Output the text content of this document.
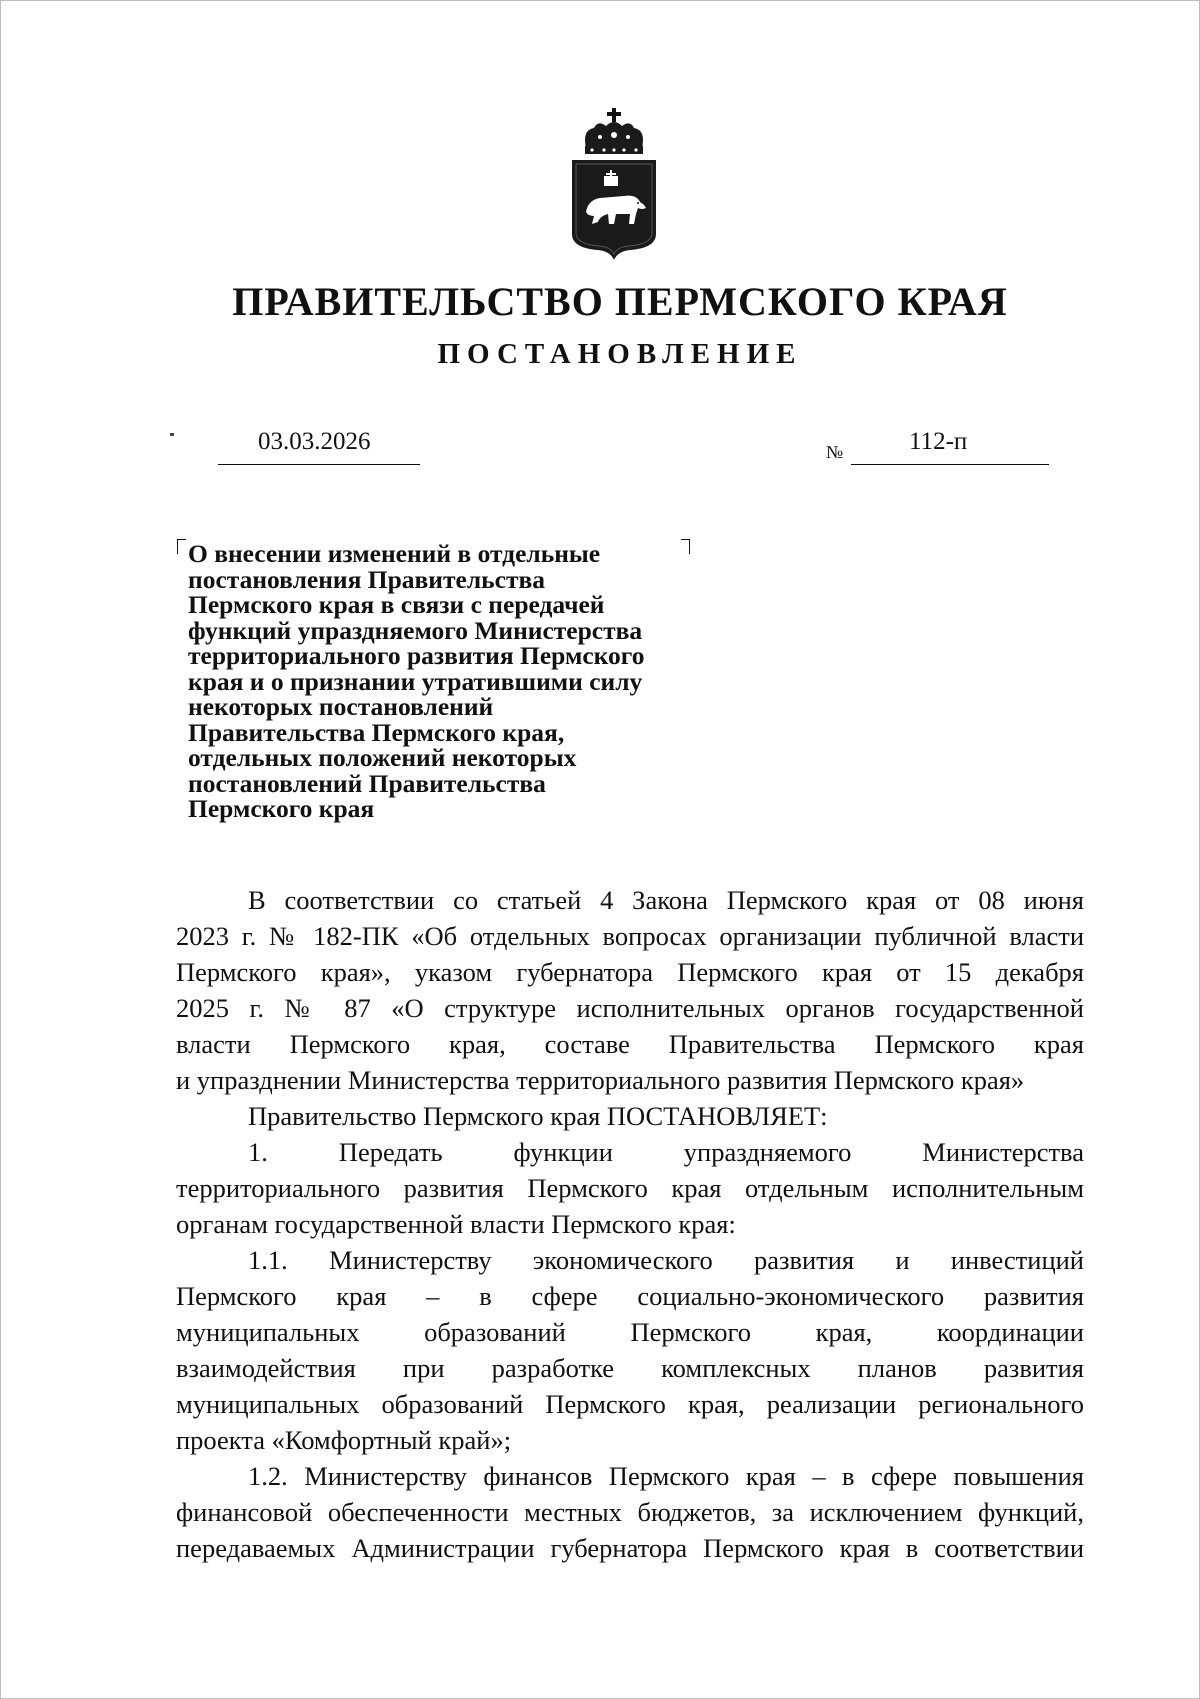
ПРАВИТЕЛЬСТВО ПЕРМСКОГО КРАЯ
ПОСТАНОВЛЕНИЕ
03.03.2026	№	112-п
О внесении изменений в отдельные
постановления Правительства
Пермского края в связи с передачей
функций упраздняемого Министерства
территориального развития Пермского
края и о признании утратившими силу
некоторых постановлений
Правительства Пермского края,
отдельных положений некоторых
постановлений Правительства
Пермского края
В соответствии со статьей 4 Закона Пермского края от 08 июня
2023 г. № 182-ПК «Об отдельных вопросах организации публичной власти
Пермского края», указом губернатора Пермского края от 15 декабря
2025 г. № 87 «О структуре исполнительных органов государственной
власти Пермского края, составе Правительства Пермского края
и упразднении Министерства территориального развития Пермского края»
Правительство Пермского края ПОСТАНОВЛЯЕТ:
1. Передать функции упраздняемого Министерства
территориального развития Пермского края отдельным исполнительным
органам государственной власти Пермского края:
1.1. Министерству экономического развития и инвестиций
Пермского края – в сфере социально-экономического развития
муниципальных образований Пермского края, координации
взаимодействия при разработке комплексных планов развития
муниципальных образований Пермского края, реализации регионального
проекта «Комфортный край»;
1.2. Министерству финансов Пермского края – в сфере повышения
финансовой обеспеченности местных бюджетов, за исключением функций,
передаваемых Администрации губернатора Пермского края в соответствии
